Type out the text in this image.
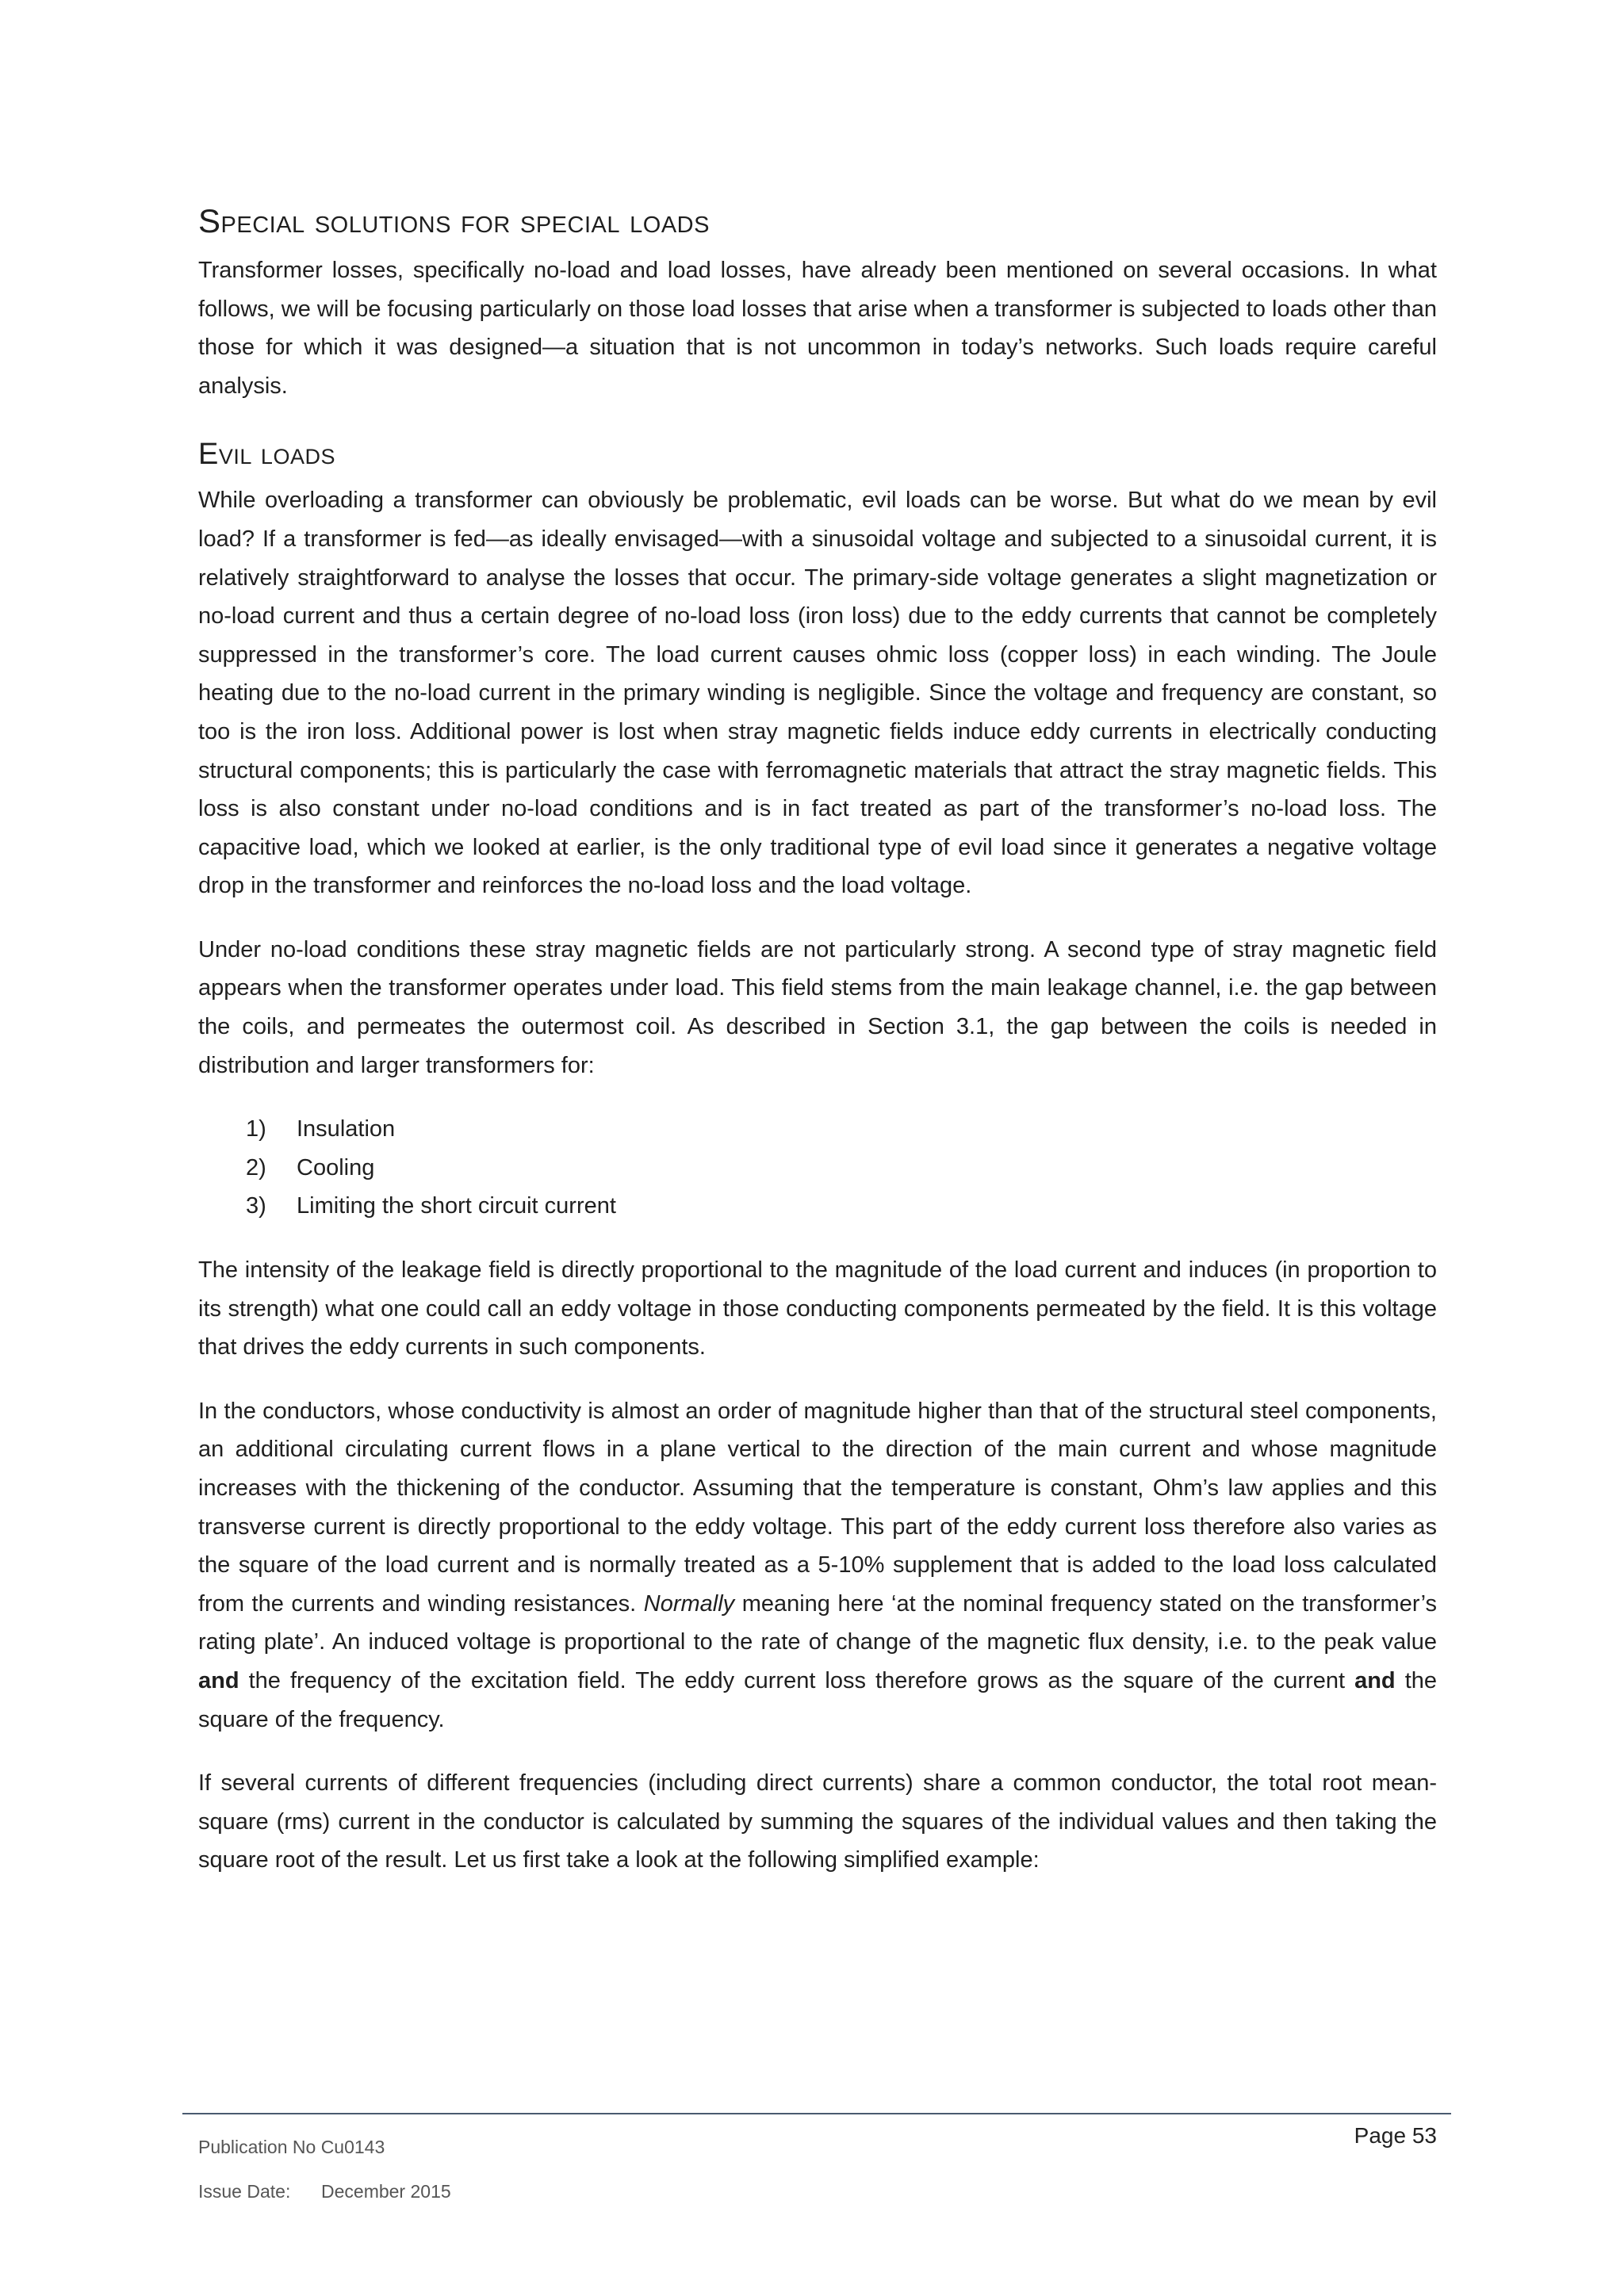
Special solutions for special loads

Transformer losses, specifically no-load and load losses, have already been mentioned on several occasions. In what follows, we will be focusing particularly on those load losses that arise when a transformer is subjected to loads other than those for which it was designed—a situation that is not uncommon in today’s networks. Such loads require careful analysis.

Evil loads

While overloading a transformer can obviously be problematic, evil loads can be worse. But what do we mean by evil load? If a transformer is fed—as ideally envisaged—with a sinusoidal voltage and subjected to a sinusoidal current, it is relatively straightforward to analyse the losses that occur. The primary-side voltage generates a slight magnetization or no-load current and thus a certain degree of no-load loss (iron loss) due to the eddy currents that cannot be completely suppressed in the transformer’s core. The load current causes ohmic loss (copper loss) in each winding. The Joule heating due to the no-load current in the primary winding is negligible. Since the voltage and frequency are constant, so too is the iron loss. Additional power is lost when stray magnetic fields induce eddy currents in electrically conducting structural components; this is particularly the case with ferromagnetic materials that attract the stray magnetic fields. This loss is also constant under no-load conditions and is in fact treated as part of the transformer’s no-load loss. The capacitive load, which we looked at earlier, is the only traditional type of evil load since it generates a negative voltage drop in the transformer and reinforces the no-load loss and the load voltage.

Under no-load conditions these stray magnetic fields are not particularly strong. A second type of stray magnetic field appears when the transformer operates under load. This field stems from the main leakage channel, i.e. the gap between the coils, and permeates the outermost coil. As described in Section 3.1, the gap between the coils is needed in distribution and larger transformers for:

1)	Insulation
2)	Cooling
3)	Limiting the short circuit current

The intensity of the leakage field is directly proportional to the magnitude of the load current and induces (in proportion to its strength) what one could call an eddy voltage in those conducting components permeated by the field. It is this voltage that drives the eddy currents in such components.

In the conductors, whose conductivity is almost an order of magnitude higher than that of the structural steel components, an additional circulating current flows in a plane vertical to the direction of the main current and whose magnitude increases with the thickening of the conductor. Assuming that the temperature is constant, Ohm’s law applies and this transverse current is directly proportional to the eddy voltage. This part of the eddy current loss therefore also varies as the square of the load current and is normally treated as a 5-10% supplement that is added to the load loss calculated from the currents and winding resistances. Normally meaning here ‘at the nominal frequency stated on the transformer’s rating plate’. An induced voltage is proportional to the rate of change of the magnetic flux density, i.e. to the peak value and the frequency of the excitation field. The eddy current loss therefore grows as the square of the current and the square of the frequency.

If several currents of different frequencies (including direct currents) share a common conductor, the total root mean-square (rms) current in the conductor is calculated by summing the squares of the individual values and then taking the square root of the result. Let us first take a look at the following simplified example:

Publication No Cu0143
Issue Date: December 2015
Page 53
